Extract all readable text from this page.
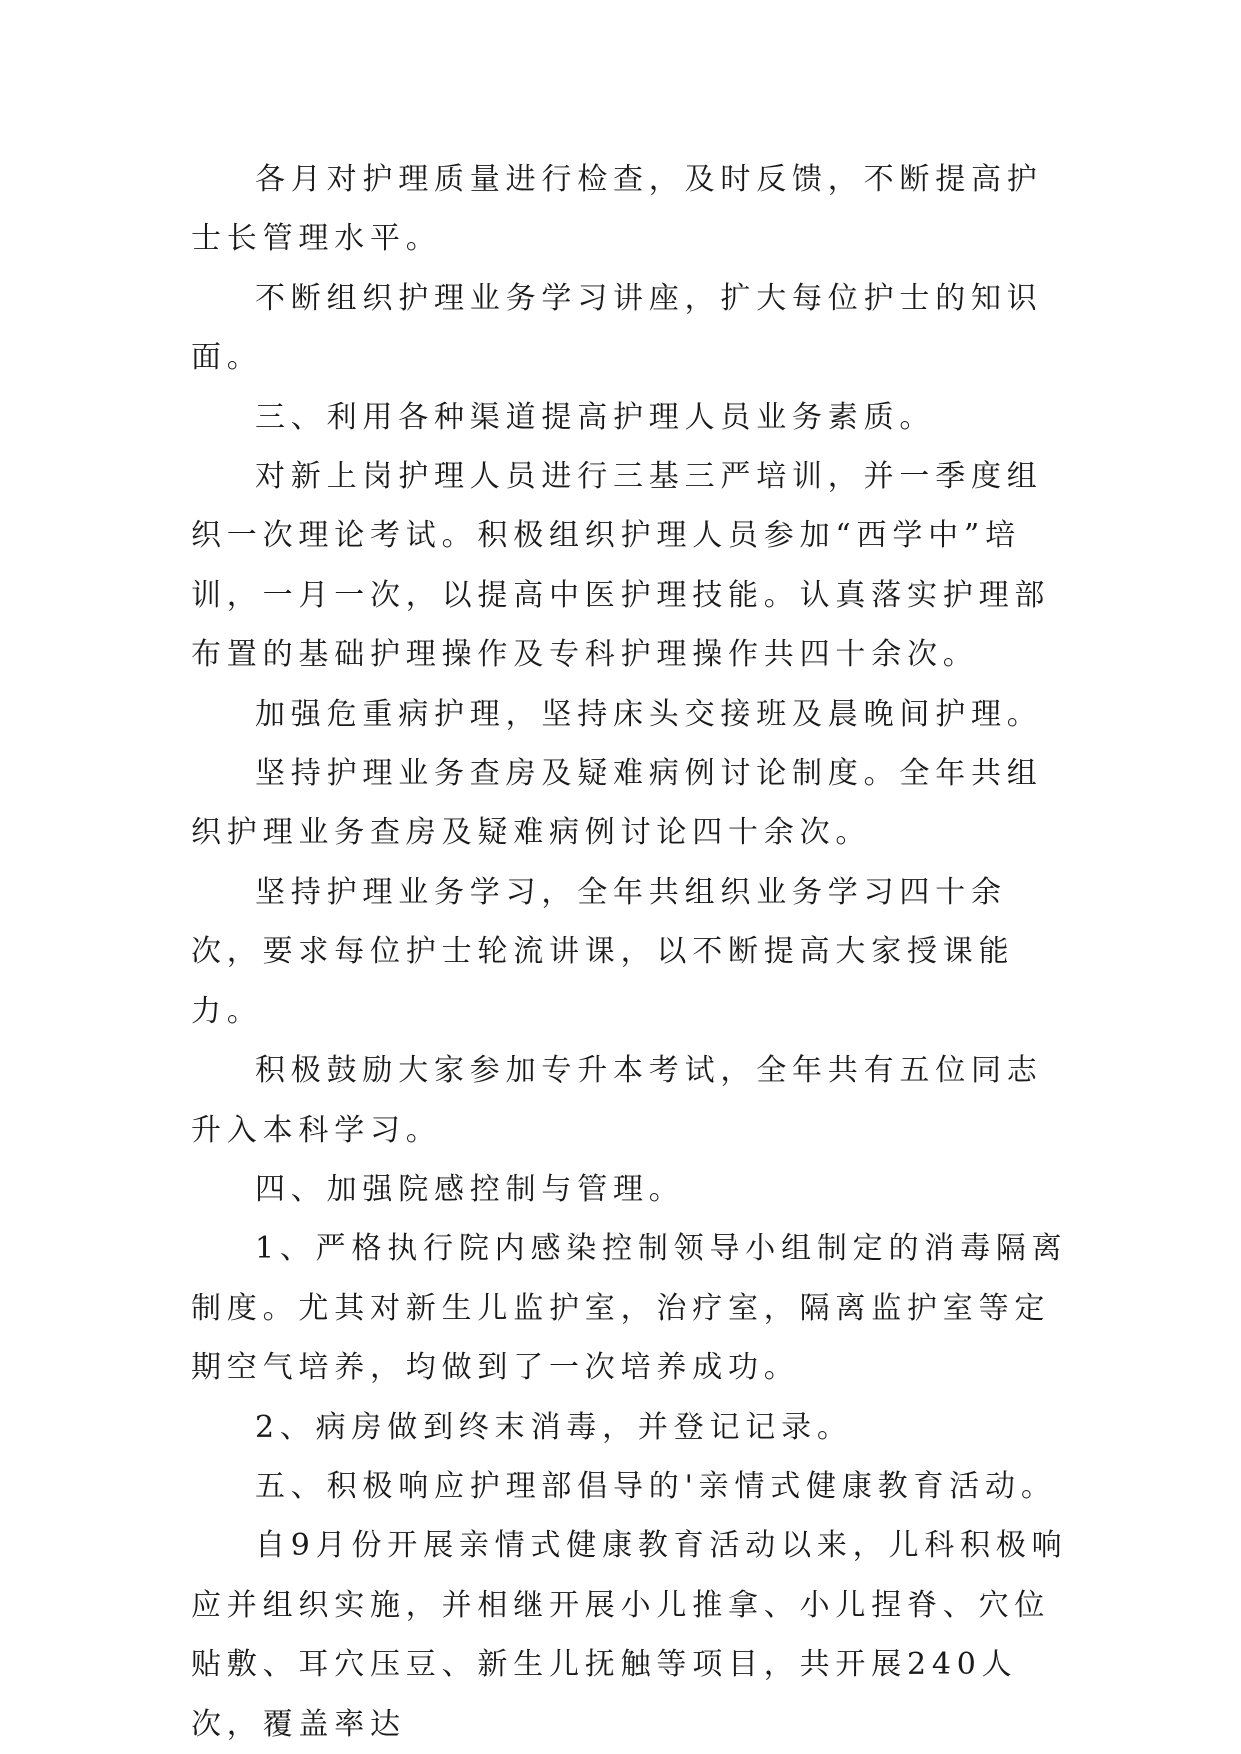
各月对护理质量进行检查，及时反馈，不断提高护士长管理水平。

不断组织护理业务学习讲座，扩大每位护士的知识面。

三、利用各种渠道提高护理人员业务素质。

对新上岗护理人员进行三基三严培训，并一季度组织一次理论考试。积极组织护理人员参加“西学中”培训，一月一次，以提高中医护理技能。认真落实护理部布置的基础护理操作及专科护理操作共四十余次。

加强危重病护理，坚持床头交接班及晨晚间护理。

坚持护理业务查房及疑难病例讨论制度。全年共组织护理业务查房及疑难病例讨论四十余次。

坚持护理业务学习，全年共组织业务学习四十余次，要求每位护士轮流讲课，以不断提高大家授课能力。

积极鼓励大家参加专升本考试，全年共有五位同志升入本科学习。

四、加强院感控制与管理。

1、严格执行院内感染控制领导小组制定的消毒隔离制度。尤其对新生儿监护室，治疗室，隔离监护室等定期空气培养，均做到了一次培养成功。

2、病房做到终末消毒，并登记记录。

五、积极响应护理部倡导的'亲情式健康教育活动。

自9月份开展亲情式健康教育活动以来，儿科积极响应并组织实施，并相继开展小儿推拿、小儿捏脊、穴位贴敷、耳穴压豆、新生儿抚触等项目，共开展240人次，覆盖率达
